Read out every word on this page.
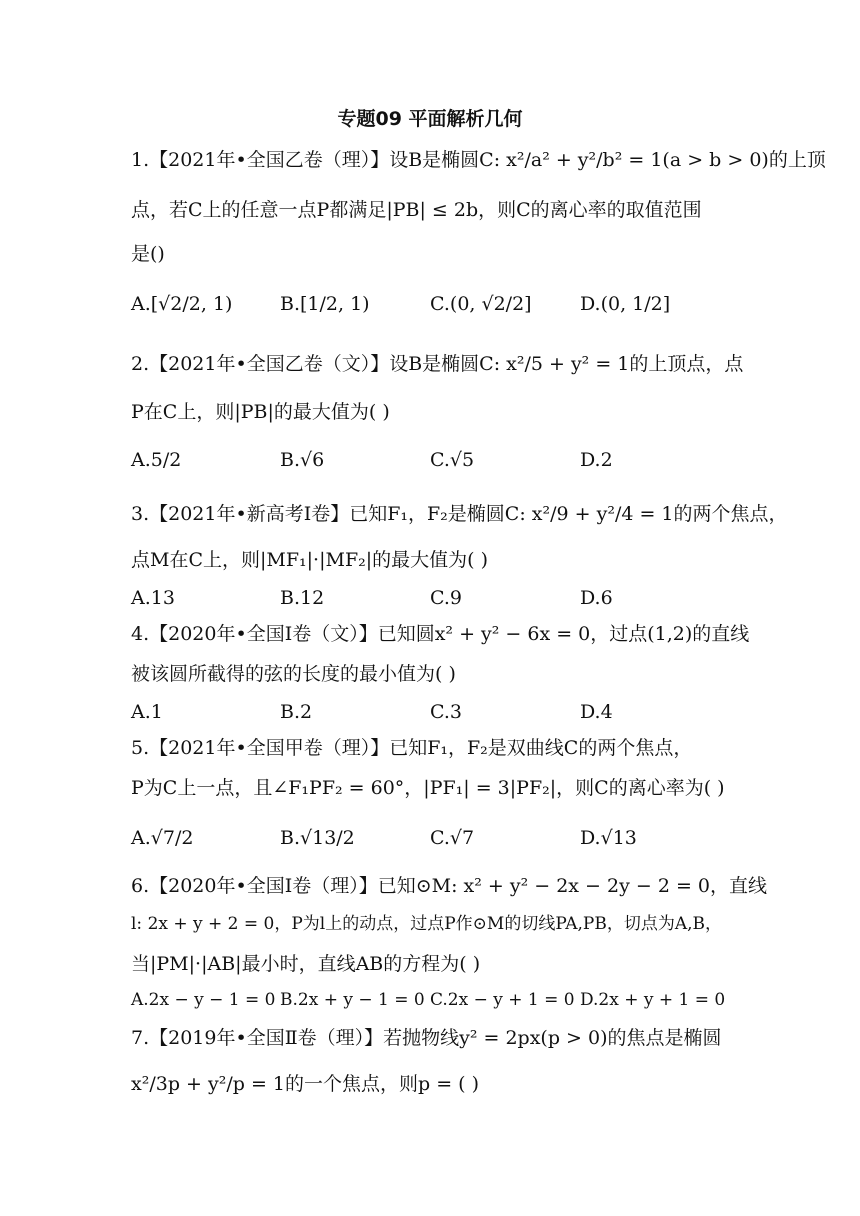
专题09 平面解析几何
1.【2021年•全国乙卷（理）】设B是椭圆C: x²/a² + y²/b² = 1(a > b > 0)的上顶
点，若C上的任意一点P都满足|PB| ≤ 2b，则C的离心率的取值范围
是()
A.[√2/2, 1)	B.[1/2, 1)	C.(0, √2/2]	D.(0, 1/2]
2.【2021年•全国乙卷（文）】设B是椭圆C: x²/5 + y² = 1的上顶点，点
P在C上，则|PB|的最大值为( )
A.5/2	B.√6	C.√5	D.2
3.【2021年•新高考Ⅰ卷】已知F₁，F₂是椭圆C: x²/9 + y²/4 = 1的两个焦点，
点M在C上，则|MF₁|·|MF₂|的最大值为( )
A.13	B.12	C.9	D.6
4.【2020年•全国Ⅰ卷（文）】已知圆x² + y² − 6x = 0，过点(1,2)的直线
被该圆所截得的弦的长度的最小值为( )
A.1	B.2	C.3	D.4
5.【2021年•全国甲卷（理）】已知F₁，F₂是双曲线C的两个焦点，
P为C上一点，且∠F₁PF₂ = 60°，|PF₁| = 3|PF₂|，则C的离心率为( )
A.√7/2	B.√13/2	C.√7	D.√13
6.【2020年•全国Ⅰ卷（理）】已知⊙M: x² + y² − 2x − 2y − 2 = 0，直线
l: 2x + y + 2 = 0，P为l上的动点，过点P作⊙M的切线PA,PB，切点为A,B，
当|PM|·|AB|最小时，直线AB的方程为( )
A.2x − y − 1 = 0 B.2x + y − 1 = 0 C.2x − y + 1 = 0 D.2x + y + 1 = 0
7.【2019年•全国Ⅱ卷（理）】若抛物线y² = 2px(p > 0)的焦点是椭圆
x²/3p + y²/p = 1的一个焦点，则p = ( )
